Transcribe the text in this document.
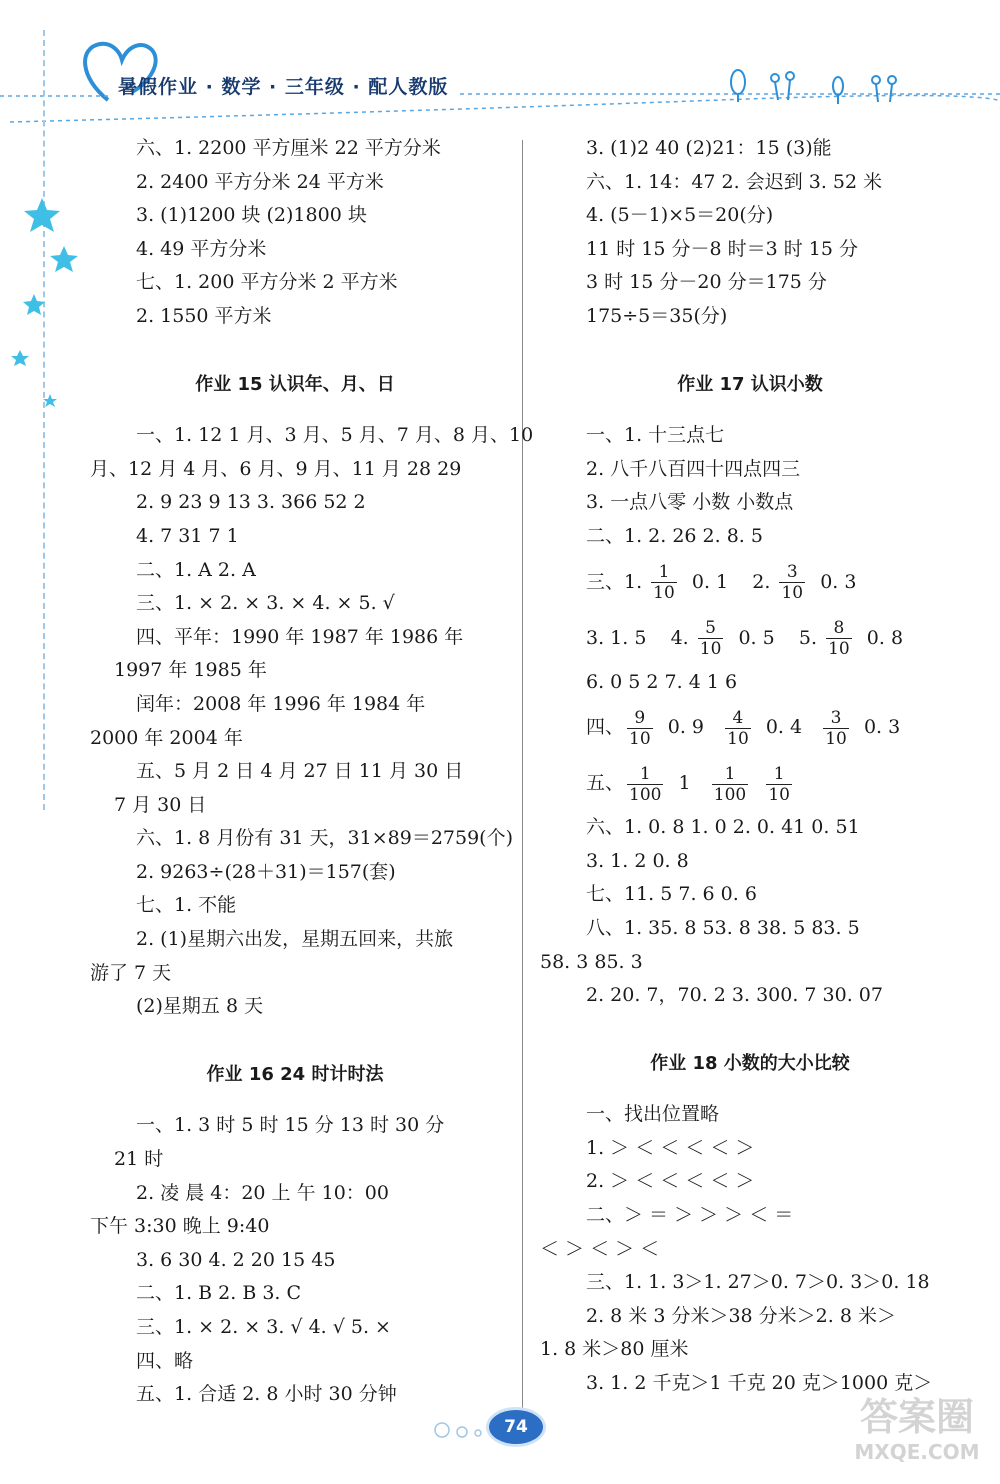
暑假作业 · 数学 · 三年级 · 配人教版
六、1. 2200 平方厘米 22 平方分米
2. 2400 平方分米 24 平方米
3. (1)1200 块 (2)1800 块
4. 49 平方分米
七、1. 200 平方分米 2 平方米
2. 1550 平方米
作业 15 认识年、月、日
一、1. 12 1 月、3 月、5 月、7 月、8 月、10
月、12 月 4 月、6 月、9 月、11 月 28 29
2. 9 23 9 13 3. 366 52 2
4. 7 31 7 1
二、1. A 2. A
三、1. × 2. × 3. × 4. × 5. √
四、平年：1990 年 1987 年 1986 年
1997 年 1985 年
闰年：2008 年 1996 年 1984 年
2000 年 2004 年
五、5 月 2 日 4 月 27 日 11 月 30 日
7 月 30 日
六、1. 8 月份有 31 天，31×89＝2759(个)
2. 9263÷(28＋31)＝157(套)
七、1. 不能
2. (1)星期六出发，星期五回来，共旅
游了 7 天
(2)星期五 8 天
作业 16 24 时计时法
一、1. 3 时 5 时 15 分 13 时 30 分
21 时
2. 凌 晨 4：20 上 午 10：00
下午 3:30 晚上 9:40
3. 6 30 4. 2 20 15 45
二、1. B 2. B 3. C
三、1. × 2. × 3. √ 4. √ 5. ×
四、略
五、1. 合适 2. 8 小时 30 分钟
3. (1)2 40 (2)21：15 (3)能
六、1. 14：47 2. 会迟到 3. 52 米
4. (5－1)×5＝20(分)
11 时 15 分－8 时＝3 时 15 分
3 时 15 分－20 分＝175 分
175÷5＝35(分)
作业 17 认识小数
一、1. 十三点七
2. 八千八百四十四点四三
3. 一点八零 小数 小数点
二、1. 2. 26 2. 8. 5
三、1. $\frac{1}{10} 0$. 1    2. $\frac{3}{10} 0$. 3
3. 1. 5    4. $\frac{5}{10} 0$. 5    5. $\frac{8}{10} 0$. 8
6. 0 5 2 7. 4 1 6
四、 $\frac{9}{10} 0$. $9 \frac{4}{10} 0$. $4 \frac{3}{10} 0$. 3
五、 $\frac{1}{100} 1 \frac{1}{100}$
$\frac{1}{10}$
六、1. 0. 8 1. 0 2. 0. 41 0. 51
3. 1. 2 0. 8
七、11. 5 7. 6 0. 6
八、1. 35. 8 53. 8 38. 5 83. 5
58. 3 85. 3
2. 20. 7，70. 2 3. 300. 7 30. 07
作业 18 小数的大小比较
一、找出位置略
1. ＞ ＜ ＜ ＜ ＜ ＞
2. ＞ ＜ ＜ ＜ ＜ ＞
二、＞ ＝ ＞ ＞ ＞ ＜ ＝
＜ ＞ ＜ ＞ ＜
三、1. 1. 3＞1. 27＞0. 7＞0. 3＞0. 18
2. 8 米 3 分米＞38 分米＞2. 8 米＞
1. 8 米＞80 厘米
3. 1. 2 千克＞1 千克 20 克＞1000 克＞
74	答案圈
MXQE.COM
